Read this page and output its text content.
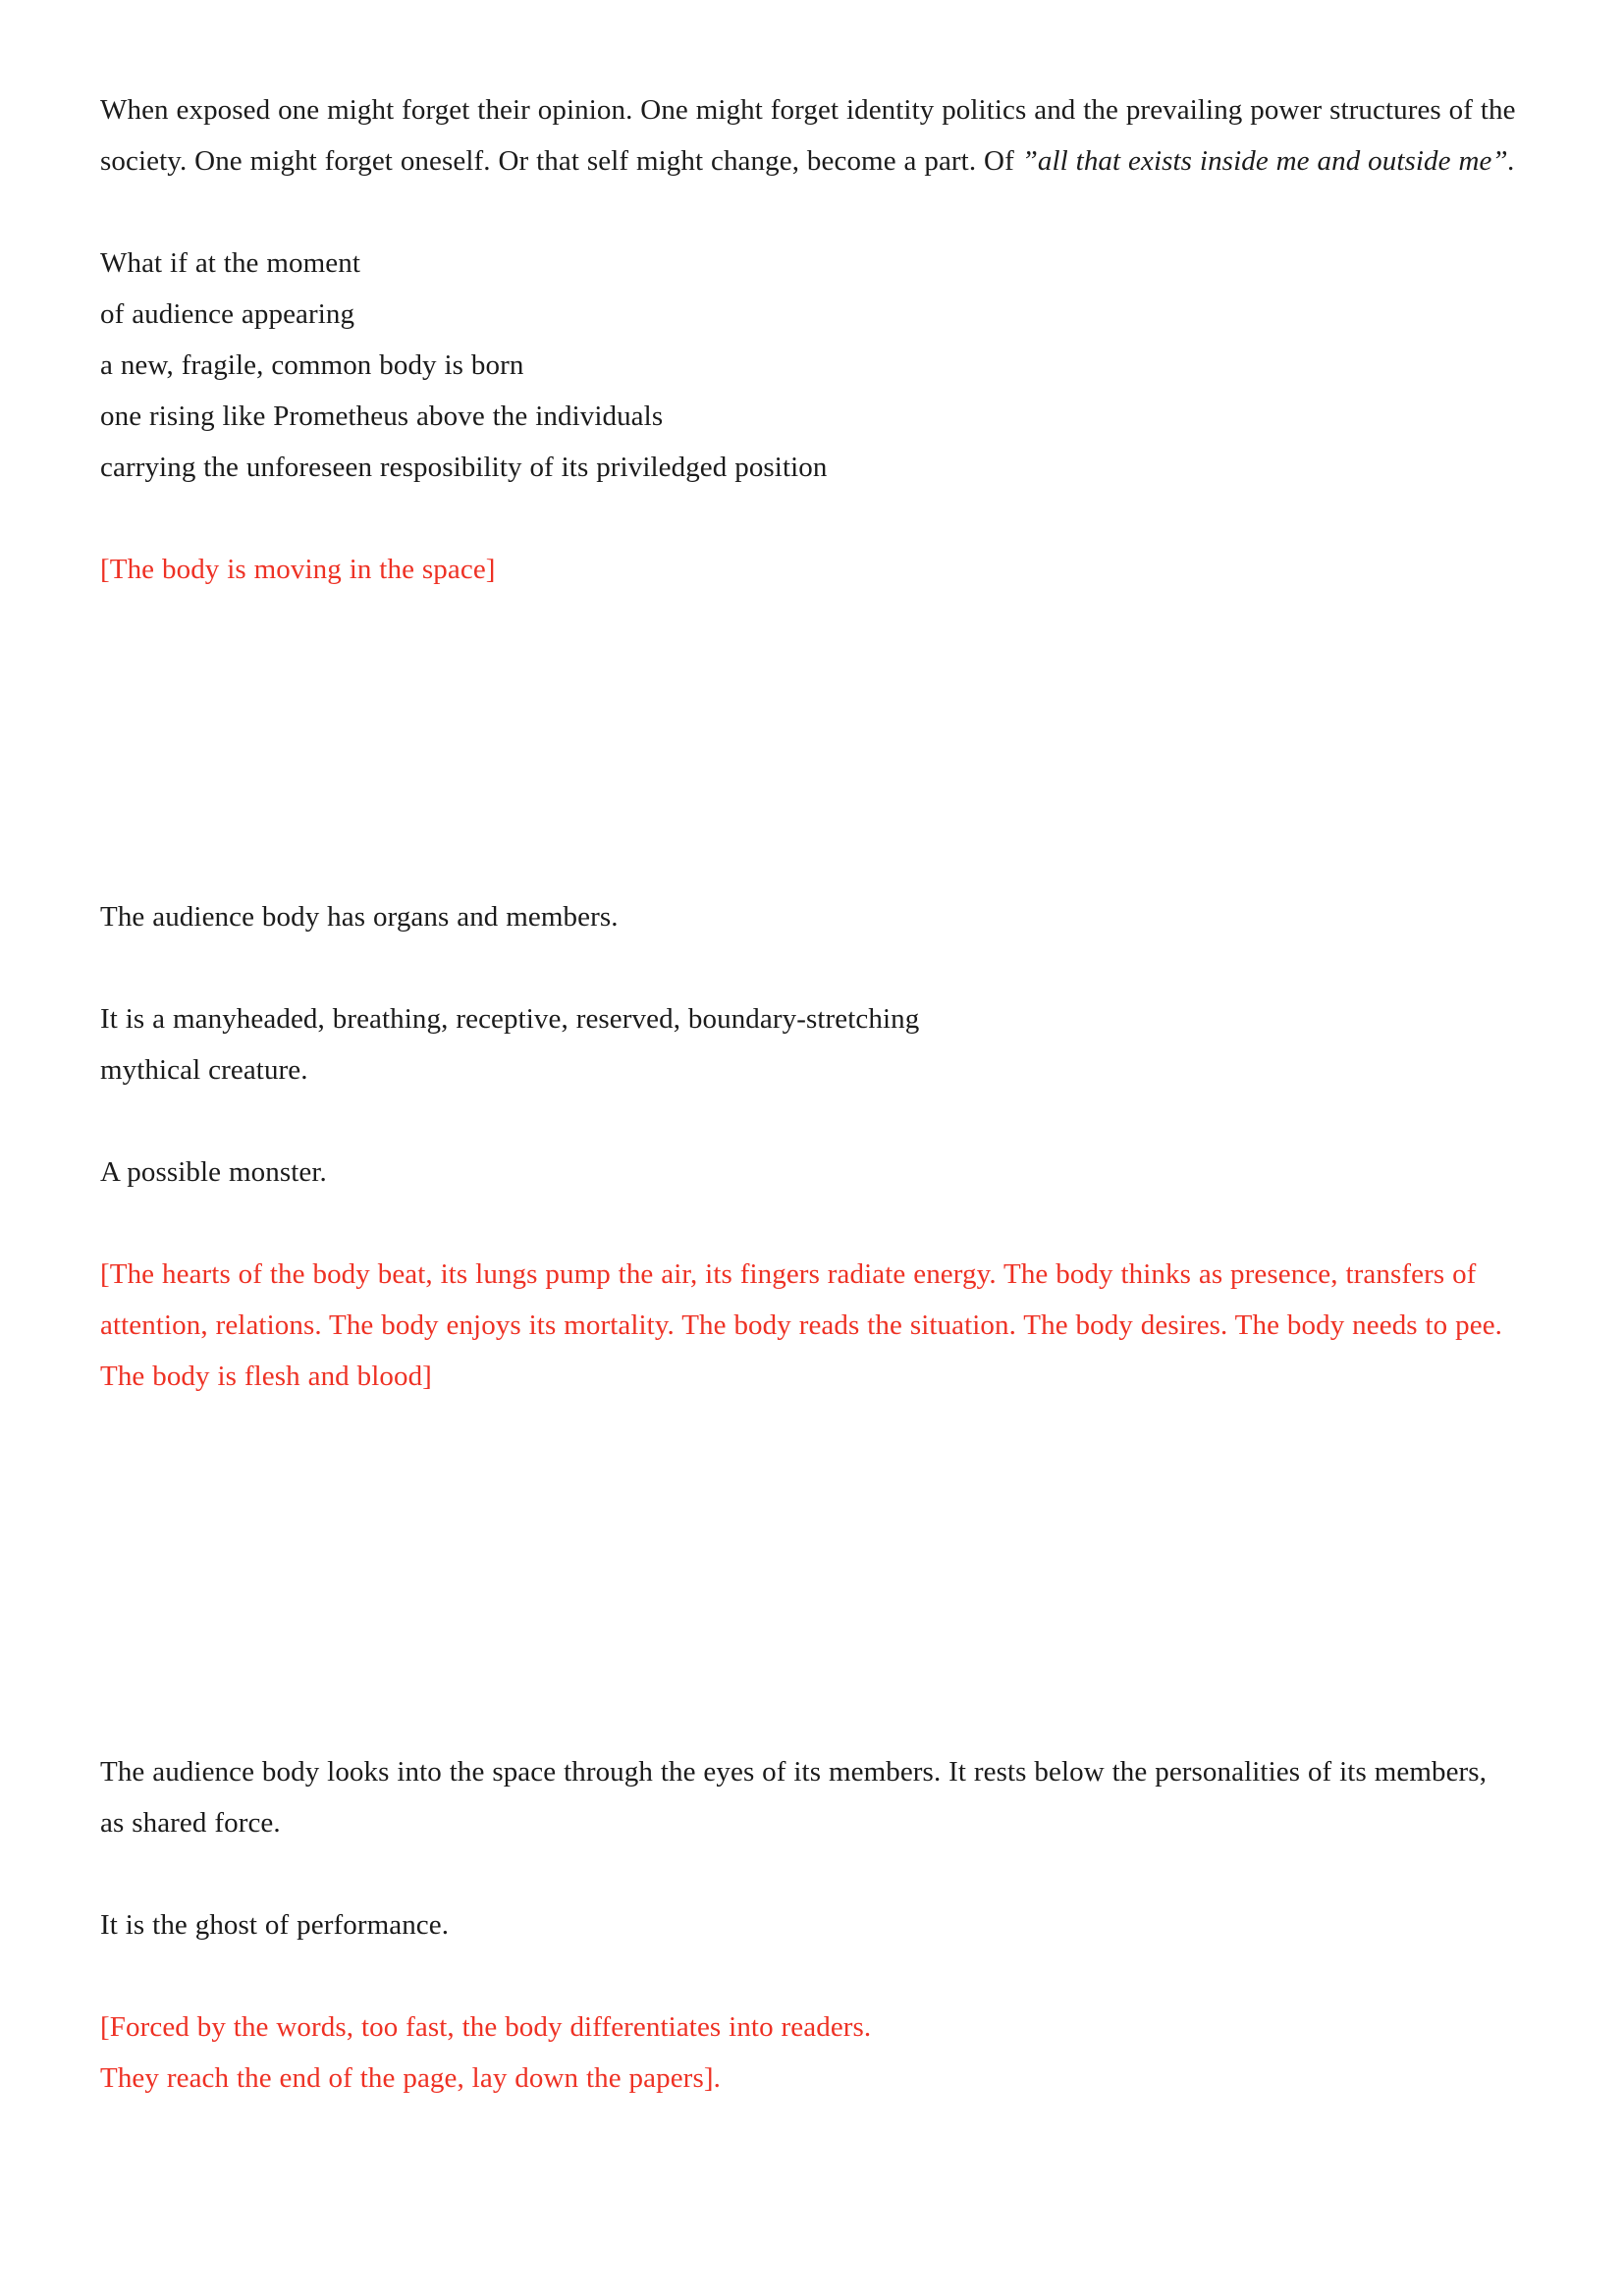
When exposed one might forget their opinion. One might forget identity politics and the prevailing power structures of the society. One might forget oneself. Or that self might change, become a part. Of ”all that exists inside me and outside me”.

What if at the moment
of audience appearing
a new, fragile, common body is born
one rising like Prometheus above the individuals
carrying the unforeseen resposibility of its priviledged position

[The body is moving in the space]

The audience body has organs and members.

It is a manyheaded, breathing, receptive, reserved, boundary-stretching
mythical creature.

A possible monster.

[The hearts of the body beat, its lungs pump the air, its fingers radiate energy. The body thinks as presence, transfers of attention, relations. The body enjoys its mortality. The body reads the situation. The body desires. The body needs to pee. The body is flesh and blood]

The audience body looks into the space through the eyes of its members. It rests below the personalities of its members, as shared force.

It is the ghost of performance.

[Forced by the words, too fast, the body differentiates into readers.
They reach the end of the page, lay down the papers].
